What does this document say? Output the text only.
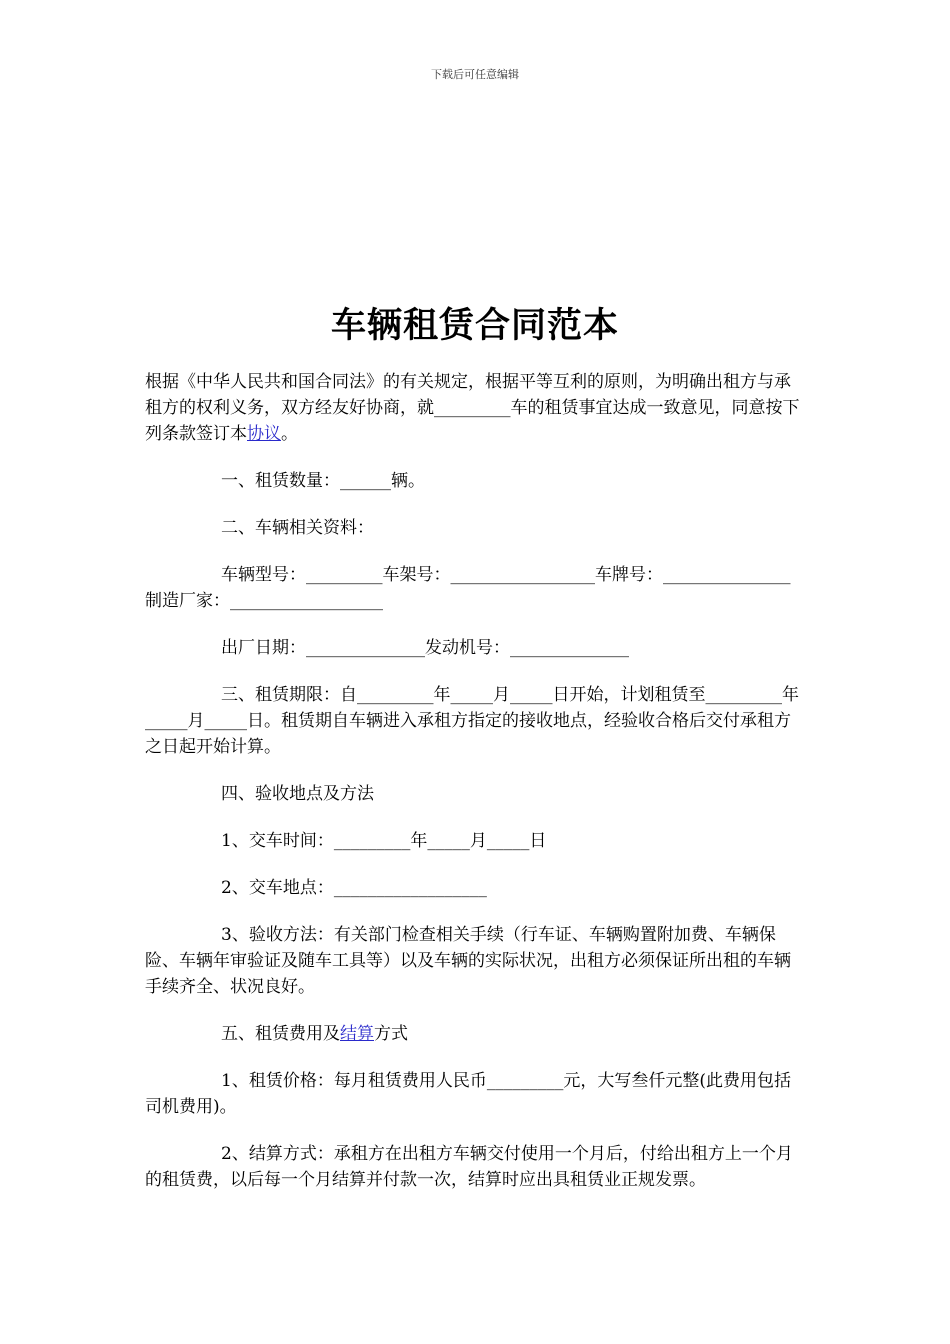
下载后可任意编辑
车辆租赁合同范本

根据《中华人民共和国合同法》的有关规定，根据平等互利的原则，为明确出租方与承租方的权利义务，双方经友好协商，就_________车的租赁事宜达成一致意见，同意按下列条款签订本协议。

一、租赁数量：______辆。

二、车辆相关资料：

车辆型号：_________车架号：_________________车牌号：_______________制造厂家：__________________

出厂日期：______________发动机号：______________

三、租赁期限：自_________年_____月_____日开始，计划租赁至_________年_____月_____日。租赁期自车辆进入承租方指定的接收地点，经验收合格后交付承租方之日起开始计算。

四、验收地点及方法

1、交车时间：_________年_____月_____日

2、交车地点：__________________

3、验收方法：有关部门检查相关手续（行车证、车辆购置附加费、车辆保险、车辆年审验证及随车工具等）以及车辆的实际状况，出租方必须保证所出租的车辆手续齐全、状况良好。

五、租赁费用及结算方式

1、租赁价格：每月租赁费用人民币_________元，大写叁仟元整(此费用包括司机费用)。

2、结算方式：承租方在出租方车辆交付使用一个月后，付给出租方上一个月的租赁费，以后每一个月结算并付款一次，结算时应出具租赁业正规发票。
